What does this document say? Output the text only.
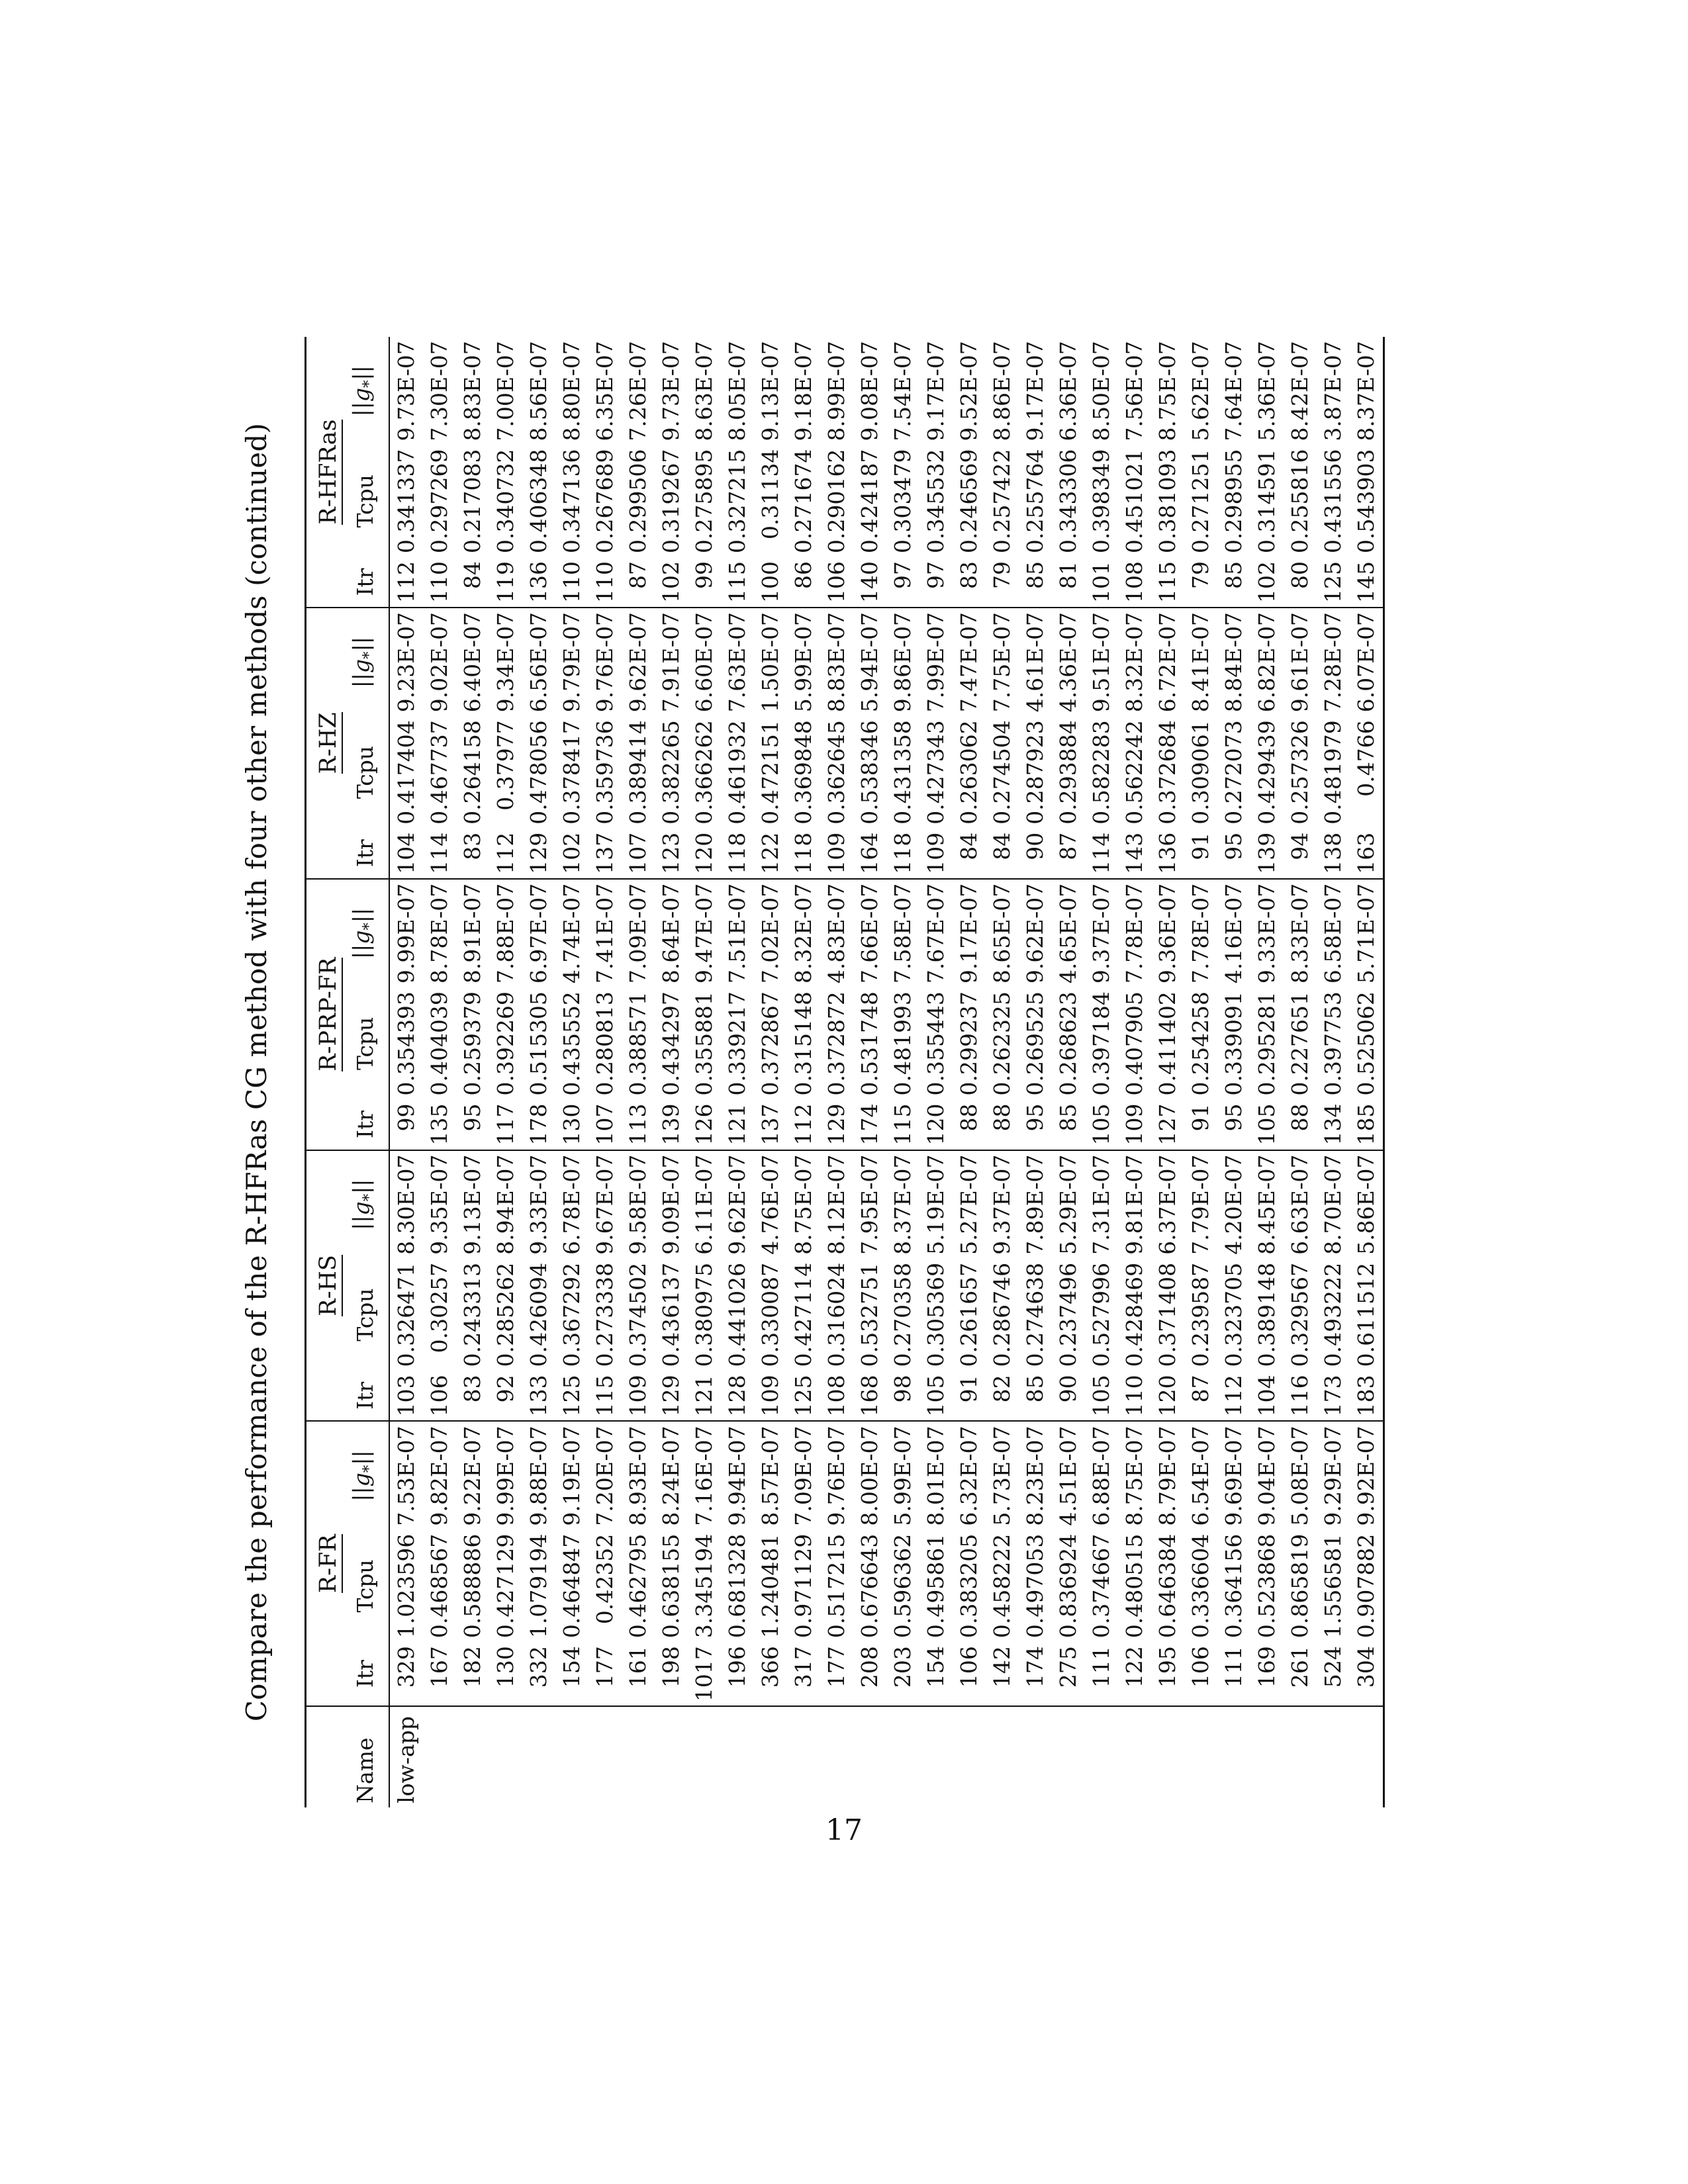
Compare the performance of the R-HFRas CG method with four other methods (continued)
	R-FR			R-HS			R-PRP-FR			R-HZ			R-HFRas		
Name	Itr	Tcpu	$||g_*||$	Itr	Tcpu	$||g_*||$	Itr	Tcpu	$||g_*||$	Itr	Tcpu	$||g_*||$	Itr	Tcpu	$||g_*||$
low-app	329	1.023596	7.53E-07	103	0.326471	8.30E-07	99	0.354393	9.99E-07	104	0.417404	9.23E-07	112	0.341337	9.73E-07
	167	0.468567	9.82E-07	106	0.30257	9.35E-07	135	0.404039	8.78E-07	114	0.467737	9.02E-07	110	0.297269	7.30E-07
	182	0.588886	9.22E-07	83	0.243313	9.13E-07	95	0.259379	8.91E-07	83	0.264158	6.40E-07	84	0.217083	8.83E-07
	130	0.427129	9.99E-07	92	0.285262	8.94E-07	117	0.392269	7.88E-07	112	0.37977	9.34E-07	119	0.340732	7.00E-07
	332	1.079194	9.88E-07	133	0.426094	9.33E-07	178	0.515305	6.97E-07	129	0.478056	6.56E-07	136	0.406348	8.56E-07
	154	0.464847	9.19E-07	125	0.367292	6.78E-07	130	0.435552	4.74E-07	102	0.378417	9.79E-07	110	0.347136	8.80E-07
	177	0.42352	7.20E-07	115	0.273338	9.67E-07	107	0.280813	7.41E-07	137	0.359736	9.76E-07	110	0.267689	6.35E-07
	161	0.462795	8.93E-07	109	0.374502	9.58E-07	113	0.388571	7.09E-07	107	0.389414	9.62E-07	87	0.299506	7.26E-07
	198	0.638155	8.24E-07	129	0.436137	9.09E-07	139	0.434297	8.64E-07	123	0.382265	7.91E-07	102	0.319267	9.73E-07
	1017	3.345194	7.16E-07	121	0.380975	6.11E-07	126	0.355881	9.47E-07	120	0.366262	6.60E-07	99	0.275895	8.63E-07
	196	0.681328	9.94E-07	128	0.441026	9.62E-07	121	0.339217	7.51E-07	118	0.461932	7.63E-07	115	0.327215	8.05E-07
	366	1.240481	8.57E-07	109	0.330087	4.76E-07	137	0.372867	7.02E-07	122	0.472151	1.50E-07	100	0.31134	9.13E-07
	317	0.971129	7.09E-07	125	0.427114	8.75E-07	112	0.315148	8.32E-07	118	0.369848	5.99E-07	86	0.271674	9.18E-07
	177	0.517215	9.76E-07	108	0.316024	8.12E-07	129	0.372872	4.83E-07	109	0.362645	8.83E-07	106	0.290162	8.99E-07
	208	0.676643	8.00E-07	168	0.532751	7.95E-07	174	0.531748	7.66E-07	164	0.538346	5.94E-07	140	0.424187	9.08E-07
	203	0.596362	5.99E-07	98	0.270358	8.37E-07	115	0.481993	7.58E-07	118	0.431358	9.86E-07	97	0.303479	7.54E-07
	154	0.495861	8.01E-07	105	0.305369	5.19E-07	120	0.355443	7.67E-07	109	0.427343	7.99E-07	97	0.345532	9.17E-07
	106	0.383205	6.32E-07	91	0.261657	5.27E-07	88	0.299237	9.17E-07	84	0.263062	7.47E-07	83	0.246569	9.52E-07
	142	0.458222	5.73E-07	82	0.286746	9.37E-07	88	0.262325	8.65E-07	84	0.274504	7.75E-07	79	0.257422	8.86E-07
	174	0.497053	8.23E-07	85	0.274638	7.89E-07	95	0.269525	9.62E-07	90	0.287923	4.61E-07	85	0.255764	9.17E-07
	275	0.836924	4.51E-07	90	0.237496	5.29E-07	85	0.268623	4.65E-07	87	0.293884	4.36E-07	81	0.343306	6.36E-07
	111	0.374667	6.88E-07	105	0.527996	7.31E-07	105	0.397184	9.37E-07	114	0.582283	9.51E-07	101	0.398349	8.50E-07
	122	0.480515	8.75E-07	110	0.428469	9.81E-07	109	0.407905	7.78E-07	143	0.562242	8.32E-07	108	0.451021	7.56E-07
	195	0.646384	8.79E-07	120	0.371408	6.37E-07	127	0.411402	9.36E-07	136	0.372684	6.72E-07	115	0.381093	8.75E-07
	106	0.336604	6.54E-07	87	0.239587	7.79E-07	91	0.254258	7.78E-07	91	0.309061	8.41E-07	79	0.271251	5.62E-07
	111	0.364156	9.69E-07	112	0.323705	4.20E-07	95	0.339091	4.16E-07	95	0.272073	8.84E-07	85	0.298955	7.64E-07
	169	0.523868	9.04E-07	104	0.389148	8.45E-07	105	0.295281	9.33E-07	139	0.429439	6.82E-07	102	0.314591	5.36E-07
	261	0.865819	5.08E-07	116	0.329567	6.63E-07	88	0.227651	8.33E-07	94	0.257326	9.61E-07	80	0.255816	8.42E-07
	524	1.556581	9.29E-07	173	0.493222	8.70E-07	134	0.397753	6.58E-07	138	0.481979	7.28E-07	125	0.431556	3.87E-07
	304	0.907882	9.92E-07	183	0.611512	5.86E-07	185	0.525062	5.71E-07	163	0.4766	6.07E-07	145	0.543903	8.37E-07
17
